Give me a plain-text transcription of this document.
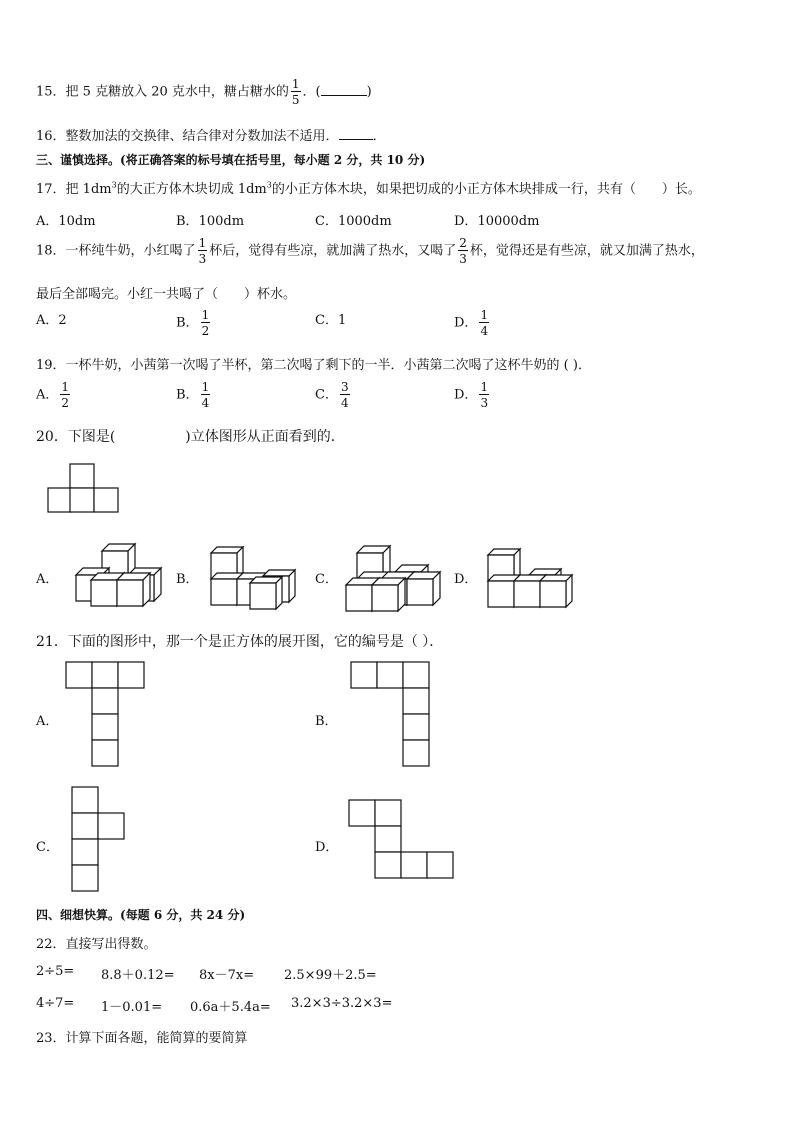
15．把 5 克糖放入 20 克水中，糖占糖水的 $\frac{1}{5}$ ．(	)
16．整数加法的交换律、结合律对分数加法不适用．	．
三、谨慎选择。(将正确答案的标号填在括号里，每小题 2 分，共 10 分)
17．把 $1dm^3$的大正方体木块切成 $1dm^3$的小正方体木块，如果把切成的小正方体木块排成一行，共有（　　）长。
A．10dm	B．100dm	C．1000dm	D．10000dm
18．一杯纯牛奶，小红喝了 $\frac{1}{3}$ 杯后，觉得有些凉，就加满了热水，又喝了 $\frac{2}{3}$ 杯，觉得还是有些凉，就又加满了热水，
最后全部喝完。小红一共喝了（　　）杯水。
A．2	B． $\frac{1}{2}$	C．1	D． $\frac{1}{4}$
19．一杯牛奶，小茜第一次喝了半杯，第二次喝了剩下的一半．小茜第二次喝了这杯牛奶的 ( )．
A． $\frac{1}{2}$	B． $\frac{1}{4}$	C． $\frac{3}{4}$	D． $\frac{1}{3}$
20．下图是(　　　　　)立体图形从正面看到的．
A．	B．	C．	D．
21．下面的图形中，那一个是正方体的展开图，它的编号是（ ）．
A．	B．
C．	D．
四、细想快算。(每题 6 分，共 24 分)
22．直接写出得数。
2÷5= 8.8＋0.12= 8x－7x= 2.5×99＋2.5=
4÷7= 1－0.01= 0.6a＋5.4a= 3.2×3÷3.2×3=
23．计算下面各题，能简算的要简算
